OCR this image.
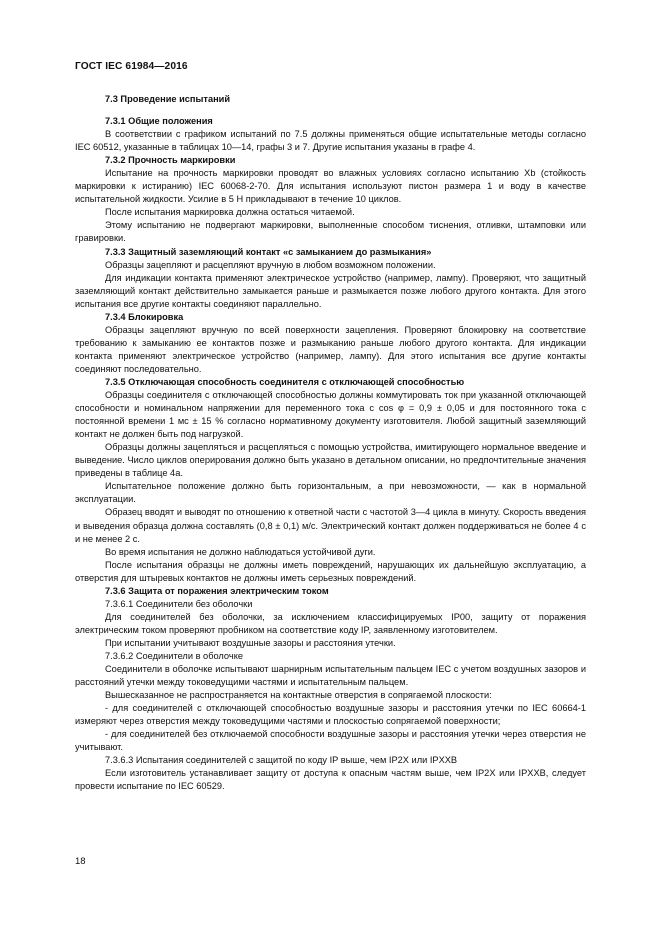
ГОСТ IEC 61984—2016

7.3 Проведение испытаний

7.3.1 Общие положения

В соответствии с графиком испытаний по 7.5 должны применяться общие испытательные методы согласно IEC 60512, указанные в таблицах 10—14, графы 3 и 7. Другие испытания указаны в графе 4.

7.3.2 Прочность маркировки

Испытание на прочность маркировки проводят во влажных условиях согласно испытанию Xb (стойкость маркировки к истиранию) IEC 60068-2-70. Для испытания используют пистон размера 1 и воду в качестве испытательной жидкости. Усилие в 5 Н прикладывают в течение 10 циклов.

После испытания маркировка должна остаться читаемой.

Этому испытанию не подвергают маркировки, выполненные способом тиснения, отливки, штамповки или гравировки.

7.3.3 Защитный заземляющий контакт «с замыканием до размыкания»

Образцы зацепляют и расцепляют вручную в любом возможном положении.

Для индикации контакта применяют электрическое устройство (например, лампу). Проверяют, что защитный заземляющий контакт действительно замыкается раньше и размыкается позже любого другого контакта. Для этого испытания все другие контакты соединяют параллельно.

7.3.4 Блокировка

Образцы зацепляют вручную по всей поверхности зацепления. Проверяют блокировку на соответствие требованию к замыканию ее контактов позже и размыканию раньше любого другого контакта. Для индикации контакта применяют электрическое устройство (например, лампу). Для этого испытания все другие контакты соединяют последовательно.

7.3.5 Отключающая способность соединителя с отключающей способностью

Образцы соединителя с отключающей способностью должны коммутировать ток при указанной отключающей способности и номинальном напряжении для переменного тока с cos φ = 0,9 ± 0,05 и для постоянного тока с постоянной времени 1 мс ± 15 % согласно нормативному документу изготовителя. Любой защитный заземляющий контакт не должен быть под нагрузкой.

Образцы должны зацепляться и расцепляться с помощью устройства, имитирующего нормальное введение и выведение. Число циклов оперирования должно быть указано в детальном описании, но предпочтительные значения приведены в таблице 4а.

Испытательное положение должно быть горизонтальным, а при невозможности, — как в нормальной эксплуатации.

Образец вводят и выводят по отношению к ответной части с частотой 3—4 цикла в минуту. Скорость введения и выведения образца должна составлять (0,8 ± 0,1) м/с. Электрический контакт должен поддерживаться не более 4 с и не менее 2 с.

Во время испытания не должно наблюдаться устойчивой дуги.

После испытания образцы не должны иметь повреждений, нарушающих их дальнейшую эксплуатацию, а отверстия для штыревых контактов не должны иметь серьезных повреждений.

7.3.6 Защита от поражения электрическим током

7.3.6.1 Соединители без оболочки

Для соединителей без оболочки, за исключением классифицируемых IP00, защиту от поражения электрическим током проверяют пробником на соответствие коду IP, заявленному изготовителем.

При испытании учитывают воздушные зазоры и расстояния утечки.

7.3.6.2 Соединители в оболочке

Соединители в оболочке испытывают шарнирным испытательным пальцем IEC с учетом воздушных зазоров и расстояний утечки между токоведущими частями и испытательным пальцем.

Вышесказанное не распространяется на контактные отверстия в сопрягаемой плоскости:

- для соединителей с отключающей способностью воздушные зазоры и расстояния утечки по IEC 60664-1 измеряют через отверстия между токоведущими частями и плоскостью сопрягаемой поверхности;

- для соединителей без отключаемой способности воздушные зазоры и расстояния утечки через отверстия не учитывают.

7.3.6.3 Испытания соединителей с защитой по коду IP выше, чем IP2X или IPXXB

Если изготовитель устанавливает защиту от доступа к опасным частям выше, чем IP2X или IPXXB, следует провести испытание по IEC 60529.

18
